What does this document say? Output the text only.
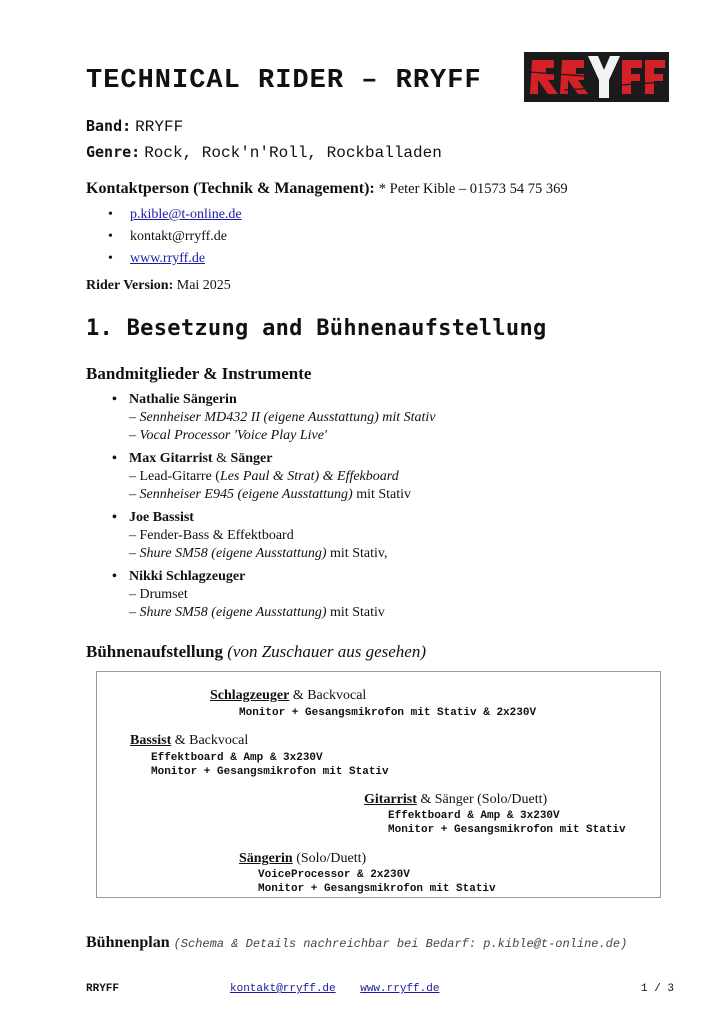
TECHNICAL RIDER – RRYFF
Band: RRYFF
Genre: Rock, Rock'n'Roll, Rockballaden
Kontaktperson (Technik & Management): * Peter Kible – 01573 54 75 369
• p.kible@t-online.de
• kontakt@rryff.de
• www.rryff.de
Rider Version: Mai 2025
1. Besetzung and Bühnenaufstellung
Bandmitglieder & Instrumente
• Nathalie Sängerin
– Sennheiser MD432 II (eigene Ausstattung) mit Stativ
– Vocal Processor 'Voice Play Live'
• Max Gitarrist & Sänger
– Lead-Gitarre (Les Paul & Strat) & Effekboard
– Sennheiser E945 (eigene Ausstattung) mit Stativ
• Joe Bassist
– Fender-Bass & Effektboard
– Shure SM58 (eigene Ausstattung) mit Stativ,
• Nikki Schlagzeuger
– Drumset
– Shure SM58 (eigene Ausstattung) mit Stativ
Bühnenaufstellung (von Zuschauer aus gesehen)
Schlagzeuger & Backvocal
Monitor + Gesangsmikrofon mit Stativ & 2x230V
Bassist & Backvocal
Effektboard & Amp & 3x230V
Monitor + Gesangsmikrofon mit Stativ
Gitarrist & Sänger (Solo/Duett)
Effektboard & Amp & 3x230V
Monitor + Gesangsmikrofon mit Stativ
Sängerin (Solo/Duett)
VoiceProcessor & 2x230V
Monitor + Gesangsmikrofon mit Stativ
Bühnenplan (Schema & Details nachreichbar bei Bedarf: p.kible@t-online.de)
RRYFF	kontakt@rryff.de www.rryff.de	1 / 3
